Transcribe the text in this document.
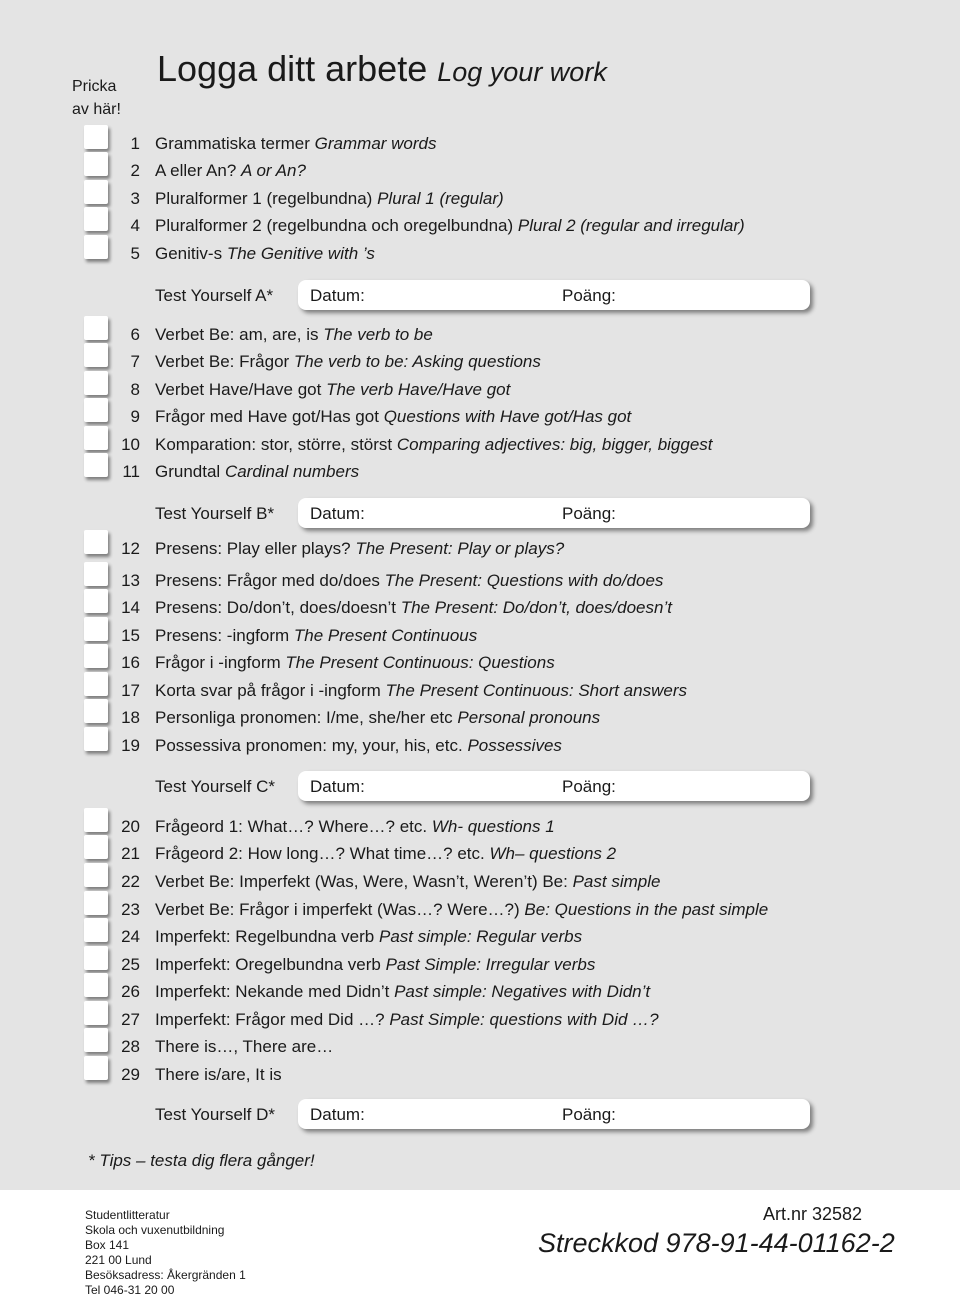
Pricka
av här!
Logga ditt arbete Log your work
1 Grammatiska termer Grammar words
2 A eller An? A or An?
3 Pluralformer 1 (regelbundna) Plural 1 (regular)
4 Pluralformer 2 (regelbundna och oregelbundna) Plural 2 (regular and irregular)
5 Genitiv-s The Genitive with ’s
Test Yourself A* Datum:	Poäng:
6 Verbet Be: am, are, is The verb to be
7 Verbet Be: Frågor The verb to be: Asking questions
8 Verbet Have/Have got The verb Have/Have got
9 Frågor med Have got/Has got Questions with Have got/Has got
10 Komparation: stor, större, störst Comparing adjectives: big, bigger, biggest
11 Grundtal Cardinal numbers
Test Yourself B* Datum:	Poäng:
12 Presens: Play eller plays? The Present: Play or plays?
13 Presens: Frågor med do/does The Present: Questions with do/does
14 Presens: Do/don’t, does/doesn’t The Present: Do/don’t, does/doesn’t
15 Presens: -ingform The Present Continuous
16 Frågor i -ingform The Present Continuous: Questions
17 Korta svar på frågor i -ingform The Present Continuous: Short answers
18 Personliga pronomen: I/me, she/her etc Personal pronouns
19 Possessiva pronomen: my, your, his, etc. Possessives
Test Yourself C* Datum:	Poäng:
20 Frågeord 1: What…? Where…? etc. Wh- questions 1
21 Frågeord 2: How long…? What time…? etc. Wh– questions 2
22 Verbet Be: Imperfekt (Was, Were, Wasn’t, Weren’t) Be: Past simple
23 Verbet Be: Frågor i imperfekt (Was…? Were…?) Be: Questions in the past simple
24 Imperfekt: Regelbundna verb Past simple: Regular verbs
25 Imperfekt: Oregelbundna verb Past Simple: Irregular verbs
26 Imperfekt: Nekande med Didn’t Past simple: Negatives with Didn’t
27 Imperfekt: Frågor med Did …? Past Simple: questions with Did …?
28 There is…, There are…
29 There is/are, It is
Test Yourself D* Datum:	Poäng:
* Tips – testa dig flera gånger!
Studentlitteratur
Skola och vuxenutbildning
Box 141
221 00 Lund
Besöksadress: Åkergränden 1
Tel 046-31 20 00
Art.nr 32582
Streckkod 978-91-44-01162-2
